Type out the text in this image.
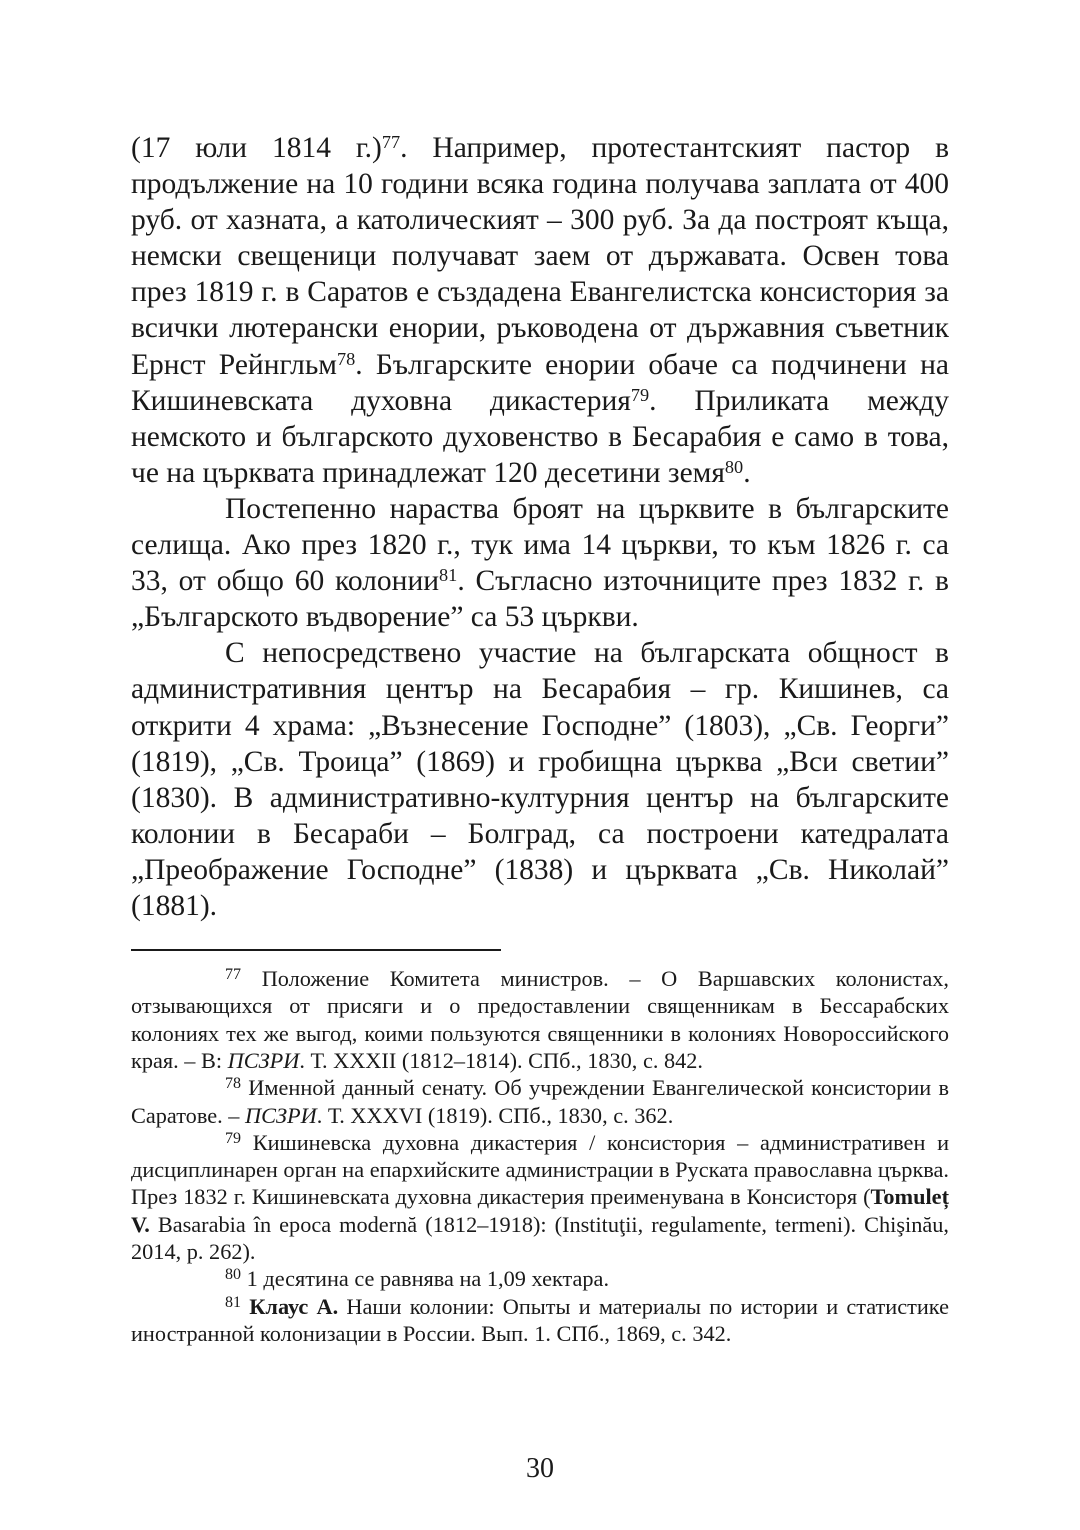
(17 юли 1814 г.)$^{77}$. Например, протестантският пастор в продължение на 10 години всяка година получава заплата от 400 руб. от хазната, а католическият – 300 руб. За да построят къща, немски свещеници получават заем от държавата. Освен това през 1819 г. в Саратов е създадена Евангелистска консистория за всички лютерански енории, ръководена от държавния съветник Ернст Рейнгльм$^{78}$. Българските енории обаче са подчинени на Кишиневската духовна дикастерия$^{79}$. Приликата между немското и българското духовенство в Бесарабия е само в това, че на църквата принадлежат 120 десетини земя$^{80}$.

Постепенно нараства броят на църквите в българските селища. Ако през 1820 г., тук има 14 църкви, то към 1826 г. са 33, от общо 60 колонии$^{81}$. Съгласно източниците през 1832 г. в „Българското въдворение” са 53 църкви.

С непосредствено участие на българската общност в административния център на Бесарабия – гр. Кишинев, са открити 4 храма: „Възнесение Господне” (1803), „Св. Георги” (1819), „Св. Троица” (1869) и гробищна църква „Вси светии” (1830). В административно-културния център на българските колонии в Бесараби – Болград, са построени катедралата „Преображение Господне” (1838) и църквата „Св. Николай” (1881).

$^{77}$ Положение Комитета министров. – О Варшавских колонистах, отзывающихся от присяги и о предоставлении священникам в Бессарабских колониях тех же выгод, коими пользуются священники в колониях Новороссийского края. – В: ПСЗРИ. Т. XXXII (1812–1814). СПб., 1830, с. 842.

$^{78}$ Именной данный сенату. Об учреждении Евангелической консистории в Саратове. – ПСЗРИ. Т. XXXVI (1819). СПб., 1830, с. 362.

$^{79}$ Кишиневска духовна дикастерия / консистория – административен и дисциплинарен орган на епархийските администрации в Руската православна църква. През 1832 г. Кишиневската духовна дикастерия преименувана в Консисторя (Tomuleț V. Basarabia în epoca modernă (1812–1918): (Instituţii, regulamente, termeni). Chişinău, 2014, p. 262).

$^{80}$ 1 десятина се равнява на 1,09 хектара.

$^{81}$ Клаус А. Наши колонии: Опыты и материалы по истории и статистике иностранной колонизации в России. Вып. 1. СПб., 1869, с. 342.

30
